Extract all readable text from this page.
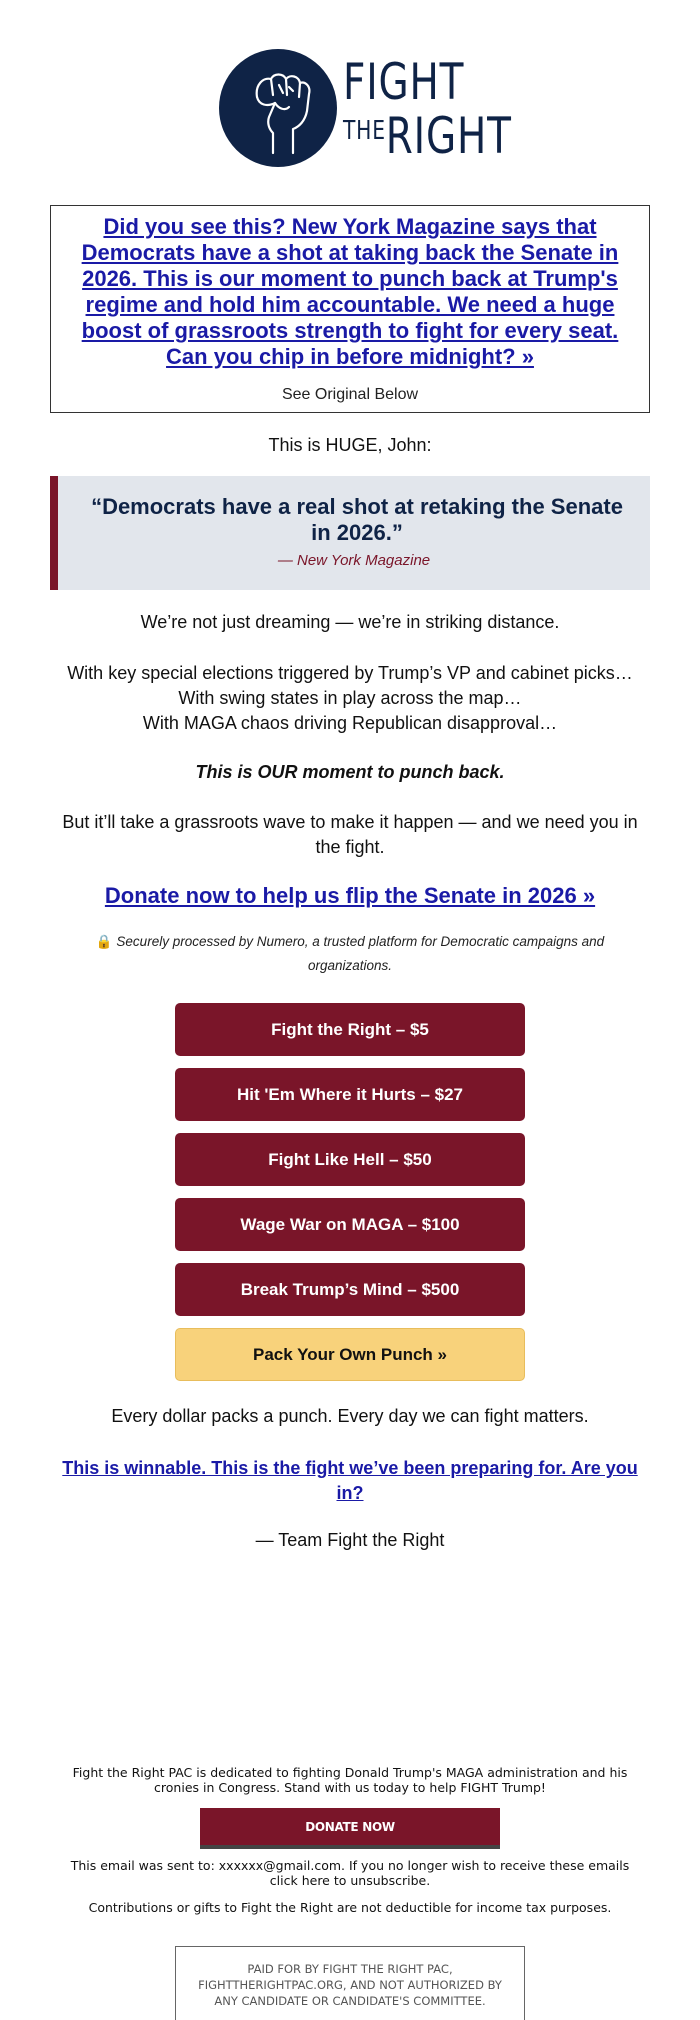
FIGHT
$^{THE}$RIGHT
Did you see this? New York Magazine says that Democrats have a shot at taking back the Senate in 2026. This is our moment to punch back at Trump's regime and hold him accountable. We need a huge boost of grassroots strength to fight for every seat. Can you chip in before midnight? »
See Original Below
This is HUGE, John:
“Democrats have a real shot at retaking the Senate in 2026.”
— New York Magazine
We’re not just dreaming — we’re in striking distance.
With key special elections triggered by Trump’s VP and cabinet picks…
With swing states in play across the map…
With MAGA chaos driving Republican disapproval…
This is OUR moment to punch back.
But it’ll take a grassroots wave to make it happen — and we need you in the fight.
Donate now to help us flip the Senate in 2026 »
🔒 Securely processed by Numero, a trusted platform for Democratic campaigns and organizations.
Fight the Right – $5
Hit 'Em Where it Hurts – $27
Fight Like Hell – $50
Wage War on MAGA – $100
Break Trump’s Mind – $500
Pack Your Own Punch »
Every dollar packs a punch. Every day we can fight matters.
This is winnable. This is the fight we’ve been preparing for. Are you in?
— Team Fight the Right
Fight the Right PAC is dedicated to fighting Donald Trump's MAGA administration and his cronies in Congress. Stand with us today to help FIGHT Trump!
DONATE NOW
This email was sent to: xxxxxx@gmail.com. If you no longer wish to receive these emails click here to unsubscribe.
Contributions or gifts to Fight the Right are not deductible for income tax purposes.
PAID FOR BY FIGHT THE RIGHT PAC, FIGHTTHERIGHTPAC.ORG, AND NOT AUTHORIZED BY ANY CANDIDATE OR CANDIDATE'S COMMITTEE.
